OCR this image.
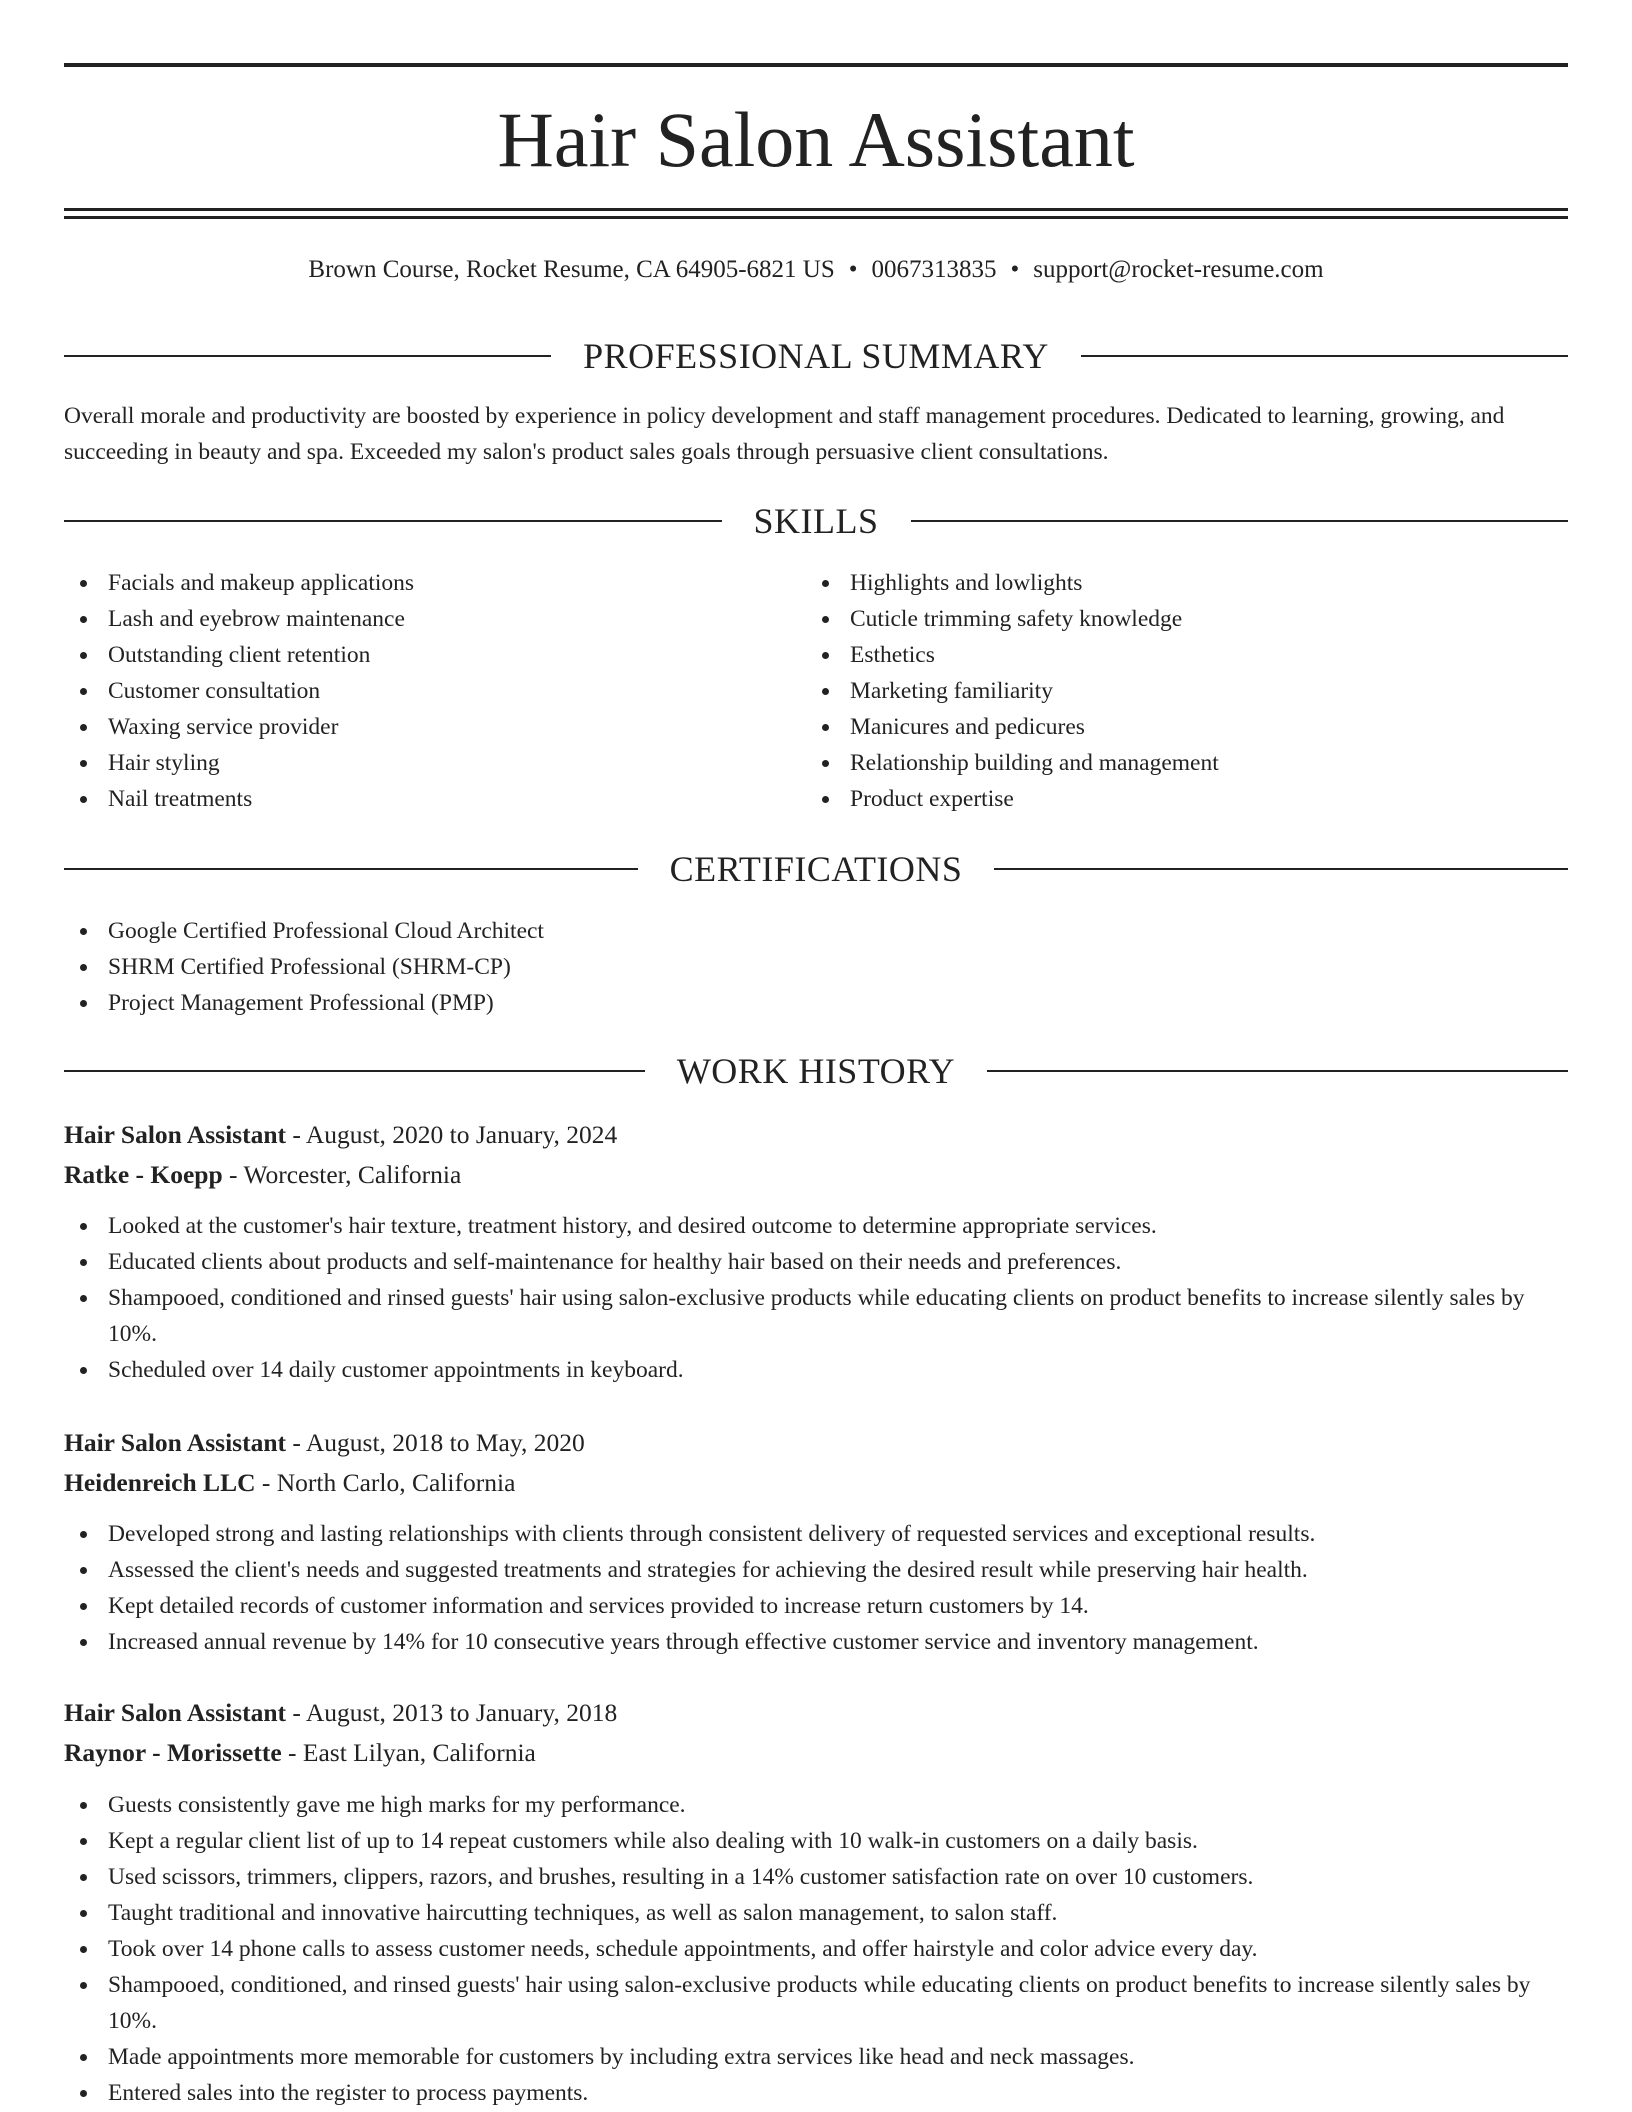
Hair Salon Assistant
Brown Course, Rocket Resume, CA 64905-6821 US • 0067313835 • support@rocket-resume.com
PROFESSIONAL SUMMARY
Overall morale and productivity are boosted by experience in policy development and staff management procedures. Dedicated to learning, growing, and succeeding in beauty and spa. Exceeded my salon's product sales goals through persuasive client consultations.
SKILLS
Facials and makeup applications
Lash and eyebrow maintenance
Outstanding client retention
Customer consultation
Waxing service provider
Hair styling
Nail treatments
Highlights and lowlights
Cuticle trimming safety knowledge
Esthetics
Marketing familiarity
Manicures and pedicures
Relationship building and management
Product expertise
CERTIFICATIONS
Google Certified Professional Cloud Architect
SHRM Certified Professional (SHRM-CP)
Project Management Professional (PMP)
WORK HISTORY
Hair Salon Assistant - August, 2020 to January, 2024
Ratke - Koepp - Worcester, California
Looked at the customer's hair texture, treatment history, and desired outcome to determine appropriate services.
Educated clients about products and self-maintenance for healthy hair based on their needs and preferences.
Shampooed, conditioned and rinsed guests' hair using salon-exclusive products while educating clients on product benefits to increase silently sales by 10%.
Scheduled over 14 daily customer appointments in keyboard.
Hair Salon Assistant - August, 2018 to May, 2020
Heidenreich LLC - North Carlo, California
Developed strong and lasting relationships with clients through consistent delivery of requested services and exceptional results.
Assessed the client's needs and suggested treatments and strategies for achieving the desired result while preserving hair health.
Kept detailed records of customer information and services provided to increase return customers by 14.
Increased annual revenue by 14% for 10 consecutive years through effective customer service and inventory management.
Hair Salon Assistant - August, 2013 to January, 2018
Raynor - Morissette - East Lilyan, California
Guests consistently gave me high marks for my performance.
Kept a regular client list of up to 14 repeat customers while also dealing with 10 walk-in customers on a daily basis.
Used scissors, trimmers, clippers, razors, and brushes, resulting in a 14% customer satisfaction rate on over 10 customers.
Taught traditional and innovative haircutting techniques, as well as salon management, to salon staff.
Took over 14 phone calls to assess customer needs, schedule appointments, and offer hairstyle and color advice every day.
Shampooed, conditioned, and rinsed guests' hair using salon-exclusive products while educating clients on product benefits to increase silently sales by 10%.
Made appointments more memorable for customers by including extra services like head and neck massages.
Entered sales into the register to process payments.
